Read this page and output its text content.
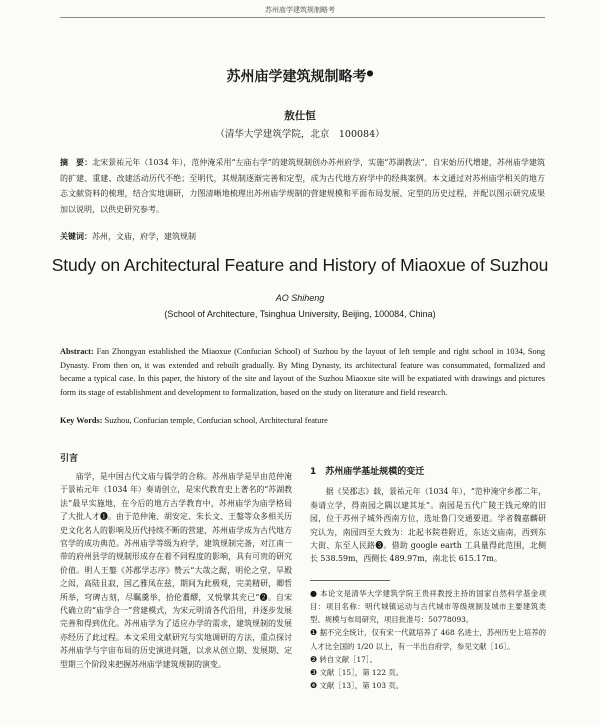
苏州庙学建筑规制略考
苏州庙学建筑规制略考●
敖仕恒
（清华大学建筑学院，北京　100084）
摘　要：北宋景祐元年（1034 年），范仲淹采用“左庙右学”的建筑规制创办苏州府学，实施“苏湖教法”，自宋始历代增建，苏州庙学建筑的扩建、重建、改建活动历代不绝；至明代，其规制逐渐完善和定型，成为古代地方府学中的经典案例。本文通过对苏州庙学相关的地方志文献资料的梳理，结合实地调研，力图清晰地梳理出苏州庙学规制的营建规模和平面布局发展、定型的历史过程，并配以图示研究成果加以说明，以供史研究参考。
关键词：苏州，文庙，府学，建筑规制
Study on Architectural Feature and History of Miaoxue of Suzhou
AO Shiheng
(School of Architecture, Tsinghua University, Beijing, 100084, China)
Abstract: Fan Zhongyan established the Miaoxue (Confucian School) of Suzhou by the layout of left temple and right school in 1034, Song Dynasty. From then on, it was extended and rebuilt gradually. By Ming Dynasty, its architectural feature was consummated, formalized and became a typical case. In this paper, the history of the site and layout of the Suzhou Miaoxue site will be expatiated with drawings and pictures form its stage of establishment and development to formalization, based on the study on literature and field research.
Key Words: Suzhou, Confucian temple, Confucian school, Architectural feature
引言

庙学，是中国古代文庙与儒学的合称。苏州庙学是早由范仲淹于景祐元年（1034 年）奏请创立，是宋代教育史上著名的“苏湖教法”最早实施地，在今后的地方古学教育中，苏州庙学为庙学格局了大批人才❶。由于范仲淹、胡安定、朱长文、王鏊等众多相关历史文化名人的影响及历代持续不断的营建，苏州庙学成为古代地方官学的成功典范。苏州庙学等级为府学，建筑规制完备，对江南一带的府州县学的规制形成存在着不同程度的影响，具有可贵的研究价值。明人王鏊《苏郡学志序》赞云“大哉之踞，明伦之堂，旱殿之闳，高陆且寂，国乙雅凤在兹，期间为此极观，完美精研，卿哲所举，穹碑古刻，尽瞩羹举，拾伦翥醪，又悦擘其充已”❷。自宋代确立的“庙学合一”营建模式，为宋元明清各代沿用，并逐步发展完善和得到优化。苏州庙学为了适应办学的需求，建筑规制的发展亦经历了此过程。本文采用文献研究与实地调研的方法，重点探讨苏州庙学与宇宙布局的历史演进问题，以求从创立期、发展期、定型期三个阶段来把握苏州庙学建筑规制的演变。

1　苏州庙学基址规模的变迁

据《吴郡志》载，景祐元年（1034 年），“范仲淹守乡郡二年，奏请立学，得南园之隅以建其址”。南园是五代广陵王钱元璙的旧园，位于苏州子城外西南方位，选址鲁门交通要道。学者魏嘉麟研究认为，南园四至大致为：北起书院巷附近，东达文庙南，西到东大街、东至人民路❸。借助 google earth 工具量得此范围，北侧长 538.59m，西侧长 489.97m，南北长 615.17m。

● 本论文是清华大学建筑学院王贵祥教授主持的国家自然科学基金项目：项目名称：明代城镇运动与古代城市等级规制及城市主要建筑类型、规模与布局研究，项目批准号：50778093。

❶ 据不完全统计，仅有宋一代就培养了 468 名进士，苏州历史上培养的人才比全国的 1/20 以上，有一半出自府学，参见文献［16］。

❷ 转自文献［17］。

❸ 文献［15］，第 122 页。

❹ 文献［13］，第 103 页。
